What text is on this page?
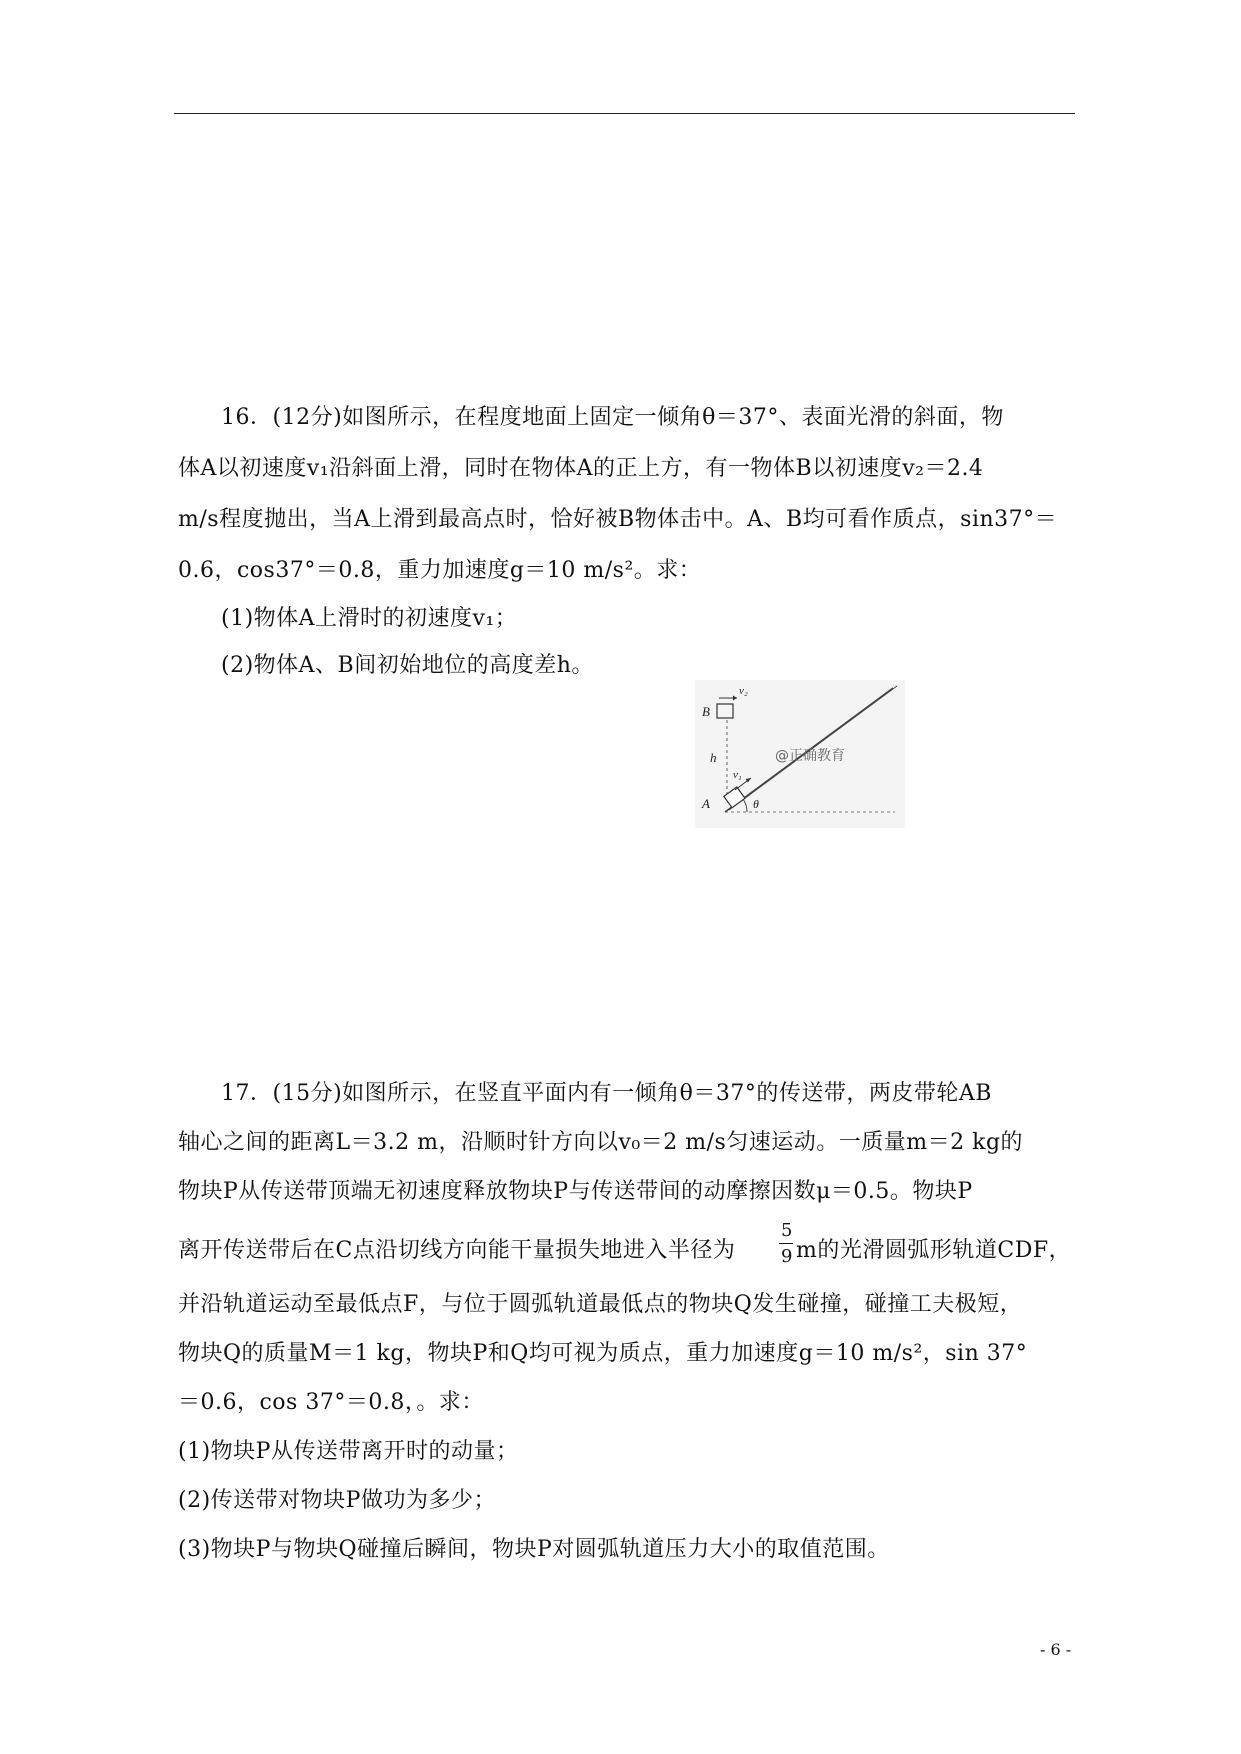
16．(12分)如图所示，在程度地面上固定一倾角θ＝37°、表面光滑的斜面，物
体A以初速度v₁沿斜面上滑，同时在物体A的正上方，有一物体B以初速度v₂＝2.4
m/s程度抛出，当A上滑到最高点时，恰好被B物体击中。A、B均可看作质点，sin37°＝
0.6，cos37°＝0.8，重力加速度g＝10 m/s²。求：
(1)物体A上滑时的初速度v₁；
(2)物体A、B间初始地位的高度差h。
B
h
v₂
v₁
A	θ
@正确教育
17．(15分)如图所示，在竖直平面内有一倾角θ＝37°的传送带，两皮带轮AB
轴心之间的距离L＝3.2 m，沿顺时针方向以v₀＝2 m/s匀速运动。一质量m＝2 kg的
物块P从传送带顶端无初速度释放物块P与传送带间的动摩擦因数μ＝0.5。物块P
离开传送带后在C点沿切线方向能干量损失地进入半径为
5
9 m的光滑圆弧形轨道CDF，
并沿轨道运动至最低点F，与位于圆弧轨道最低点的物块Q发生碰撞，碰撞工夫极短，
物块Q的质量M＝1 kg，物块P和Q均可视为质点，重力加速度g＝10 m/s²，sin 37°
＝0.6，cos 37°＝0.8，。求：
(1)物块P从传送带离开时的动量；
(2)传送带对物块P做功为多少；
(3)物块P与物块Q碰撞后瞬间，物块P对圆弧轨道压力大小的取值范围。
- 6 -
